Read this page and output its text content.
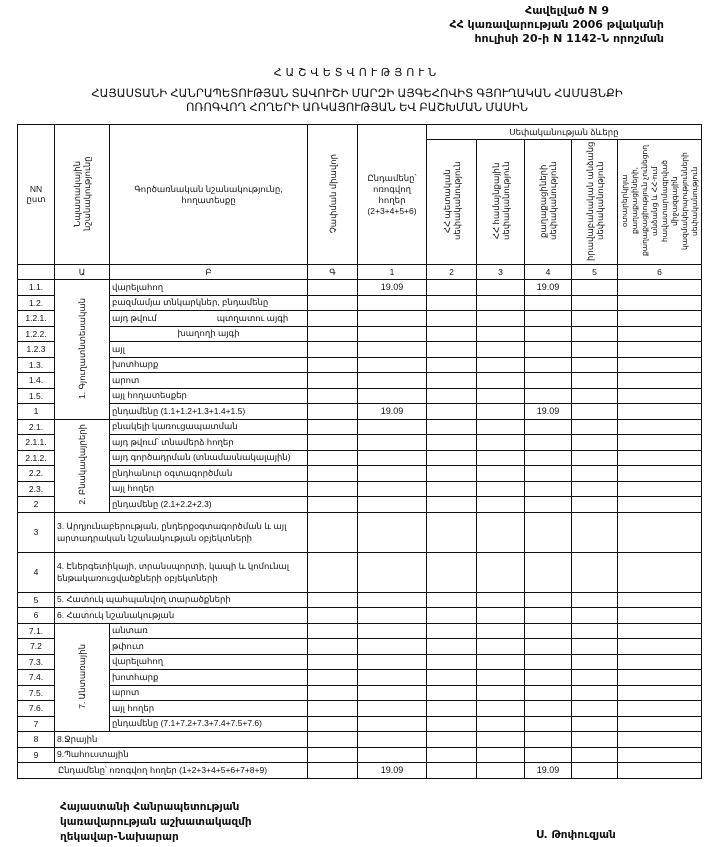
Հավելված N 9
ՀՀ կառավարության 2006 թվականի
հուլիսի 20-ի N 1142-Ն որոշման
ՀԱՇՎԵՏՎՈՒԹՅՈՒՆ
ՀԱՅԱՍՏԱՆԻ ՀԱՆՐԱՊԵՏՈՒԹՅԱՆ ՏԱՎՈՒՇԻ ՄԱՐԶԻ ԱՅԳԵՀՈՎԻՏ ԳՅՈՒՂԱԿԱՆ ՀԱՄԱՅՆՔԻ
ՈՌՈԳՎՈՂ ՀՈՂԵՐԻ ԱՌԿԱՅՈՒԹՅԱՆ ԵՎ ԲԱՇԽՄԱՆ ՄԱՍԻՆ
NN ըստ	Նպատակային նշանակությունը	Գործառնական նշանակությունը, հողատեսքը	Չափման միավոր	Ընդամենը՝ ոռոգվող հողեր (2+3+4+5+6)	Սեփականության ձևերը				
					ՀՀ պետական սեփականություն	ՀՀ համայնքային սեփականություն	քաղաքացիների սեփականություն	իրավաբանական անձանց սեփականություն	օտարերկրյա քաղաքացիների, քաղաքացիություն չունեցող անձանց և ՀՀ-ում հավատարմագրված միջազգային կազմակերպությունների սեփականություն
	Ա	Բ	Գ	1	2	3	4	5	6
1.1.	1. Գյուղատնտեսական	վարելահող		19.09			19.09		
1.2.		բազմամյա տնկարկներ, բնդամենը							
1.2.1.		այդ թվում պտղատու այգի							
1.2.2.		խաղողի այգի							
1.2.3		այլ							
1.3.		խոտհարք							
1.4.		արոտ							
1.5.		այլ հողատեսքեր							
1		ընդամենը (1.1+1.2+1.3+1.4+1.5)		19.09			19.09		
2.1.	2. Բնակավայրերի	բնակելի կառուցապատման							
2.1.1.		այդ թվում՝ տնամերձ հողեր							
2.1.2.		այդ գործադրման (տնամասնակալային)							
2.2.		ընդհանուր օգտագործման							
2.3.		այլ հողեր							
2		ընդամենը (2.1+2.2+2.3)							
3	3. Արդյունաբերության, ընդերքօգտագործման և այլ արտադրական նշանակության օբյեկտների								
4	4. Էներգետիկայի, տրանսպորտի, կապի և կոմունալ ենթակառուցվածքների օբյեկտների								
5	5. Հատուկ պահպանվող տարածքների								
6	6. Հատուկ նշանակության								
7.1.	7. Անտառային	անտառ							
7.2		թփուտ							
7.3.		վարելահող							
7.4.		խոտհարք							
7.5.		արոտ							
7.6.		այլ հողեր							
7		ընդամենը (7.1+7.2+7.3+7.4+7.5+7.6)							
8	8.Ջրային								
9	9.Պահուստային								
Ընդամենը՝ ոռոգվող հողեր (1+2+3+4+5+6+7+8+9)				19.09			19.09		
Հայաստանի Հանրապետության
կառավարության աշխատակազմի
ղեկավար-Նախարար	Ս. Թոփուզյան
